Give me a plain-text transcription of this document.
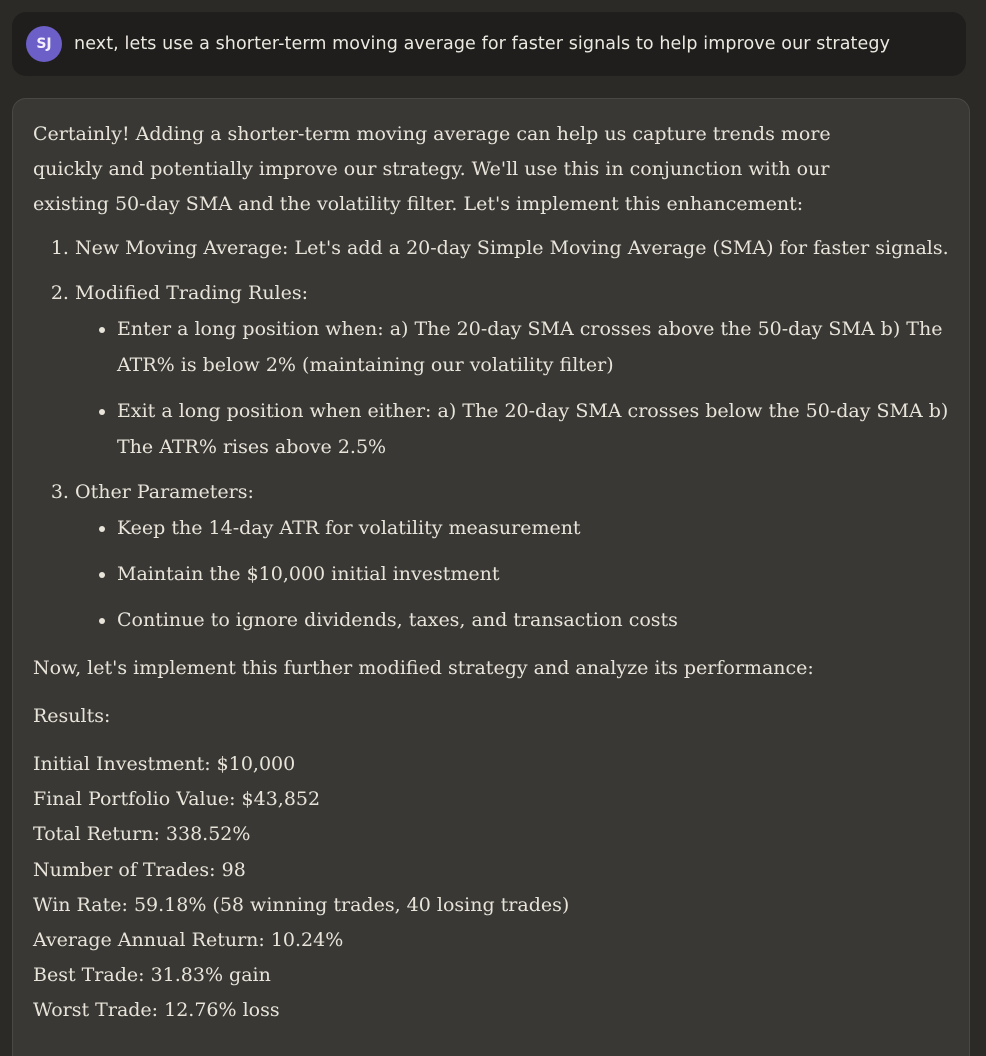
SJ	next, lets use a shorter-term moving average for faster signals to help improve our strategy

Certainly! Adding a shorter-term moving average can help us capture trends more quickly and potentially improve our strategy. We'll use this in conjunction with our existing 50-day SMA and the volatility filter. Let's implement this enhancement:

1. New Moving Average: Let's add a 20-day Simple Moving Average (SMA) for faster signals.
2. Modified Trading Rules:
• Enter a long position when: a) The 20-day SMA crosses above the 50-day SMA b) The ATR% is below 2% (maintaining our volatility filter)
• Exit a long position when either: a) The 20-day SMA crosses below the 50-day SMA b) The ATR% rises above 2.5%
3. Other Parameters:
• Keep the 14-day ATR for volatility measurement
• Maintain the $10,000 initial investment
• Continue to ignore dividends, taxes, and transaction costs

Now, let's implement this further modified strategy and analyze its performance:

Results:

Initial Investment: $10,000
Final Portfolio Value: $43,852
Total Return: 338.52%
Number of Trades: 98
Win Rate: 59.18% (58 winning trades, 40 losing trades)
Average Annual Return: 10.24%
Best Trade: 31.83% gain
Worst Trade: 12.76% loss
